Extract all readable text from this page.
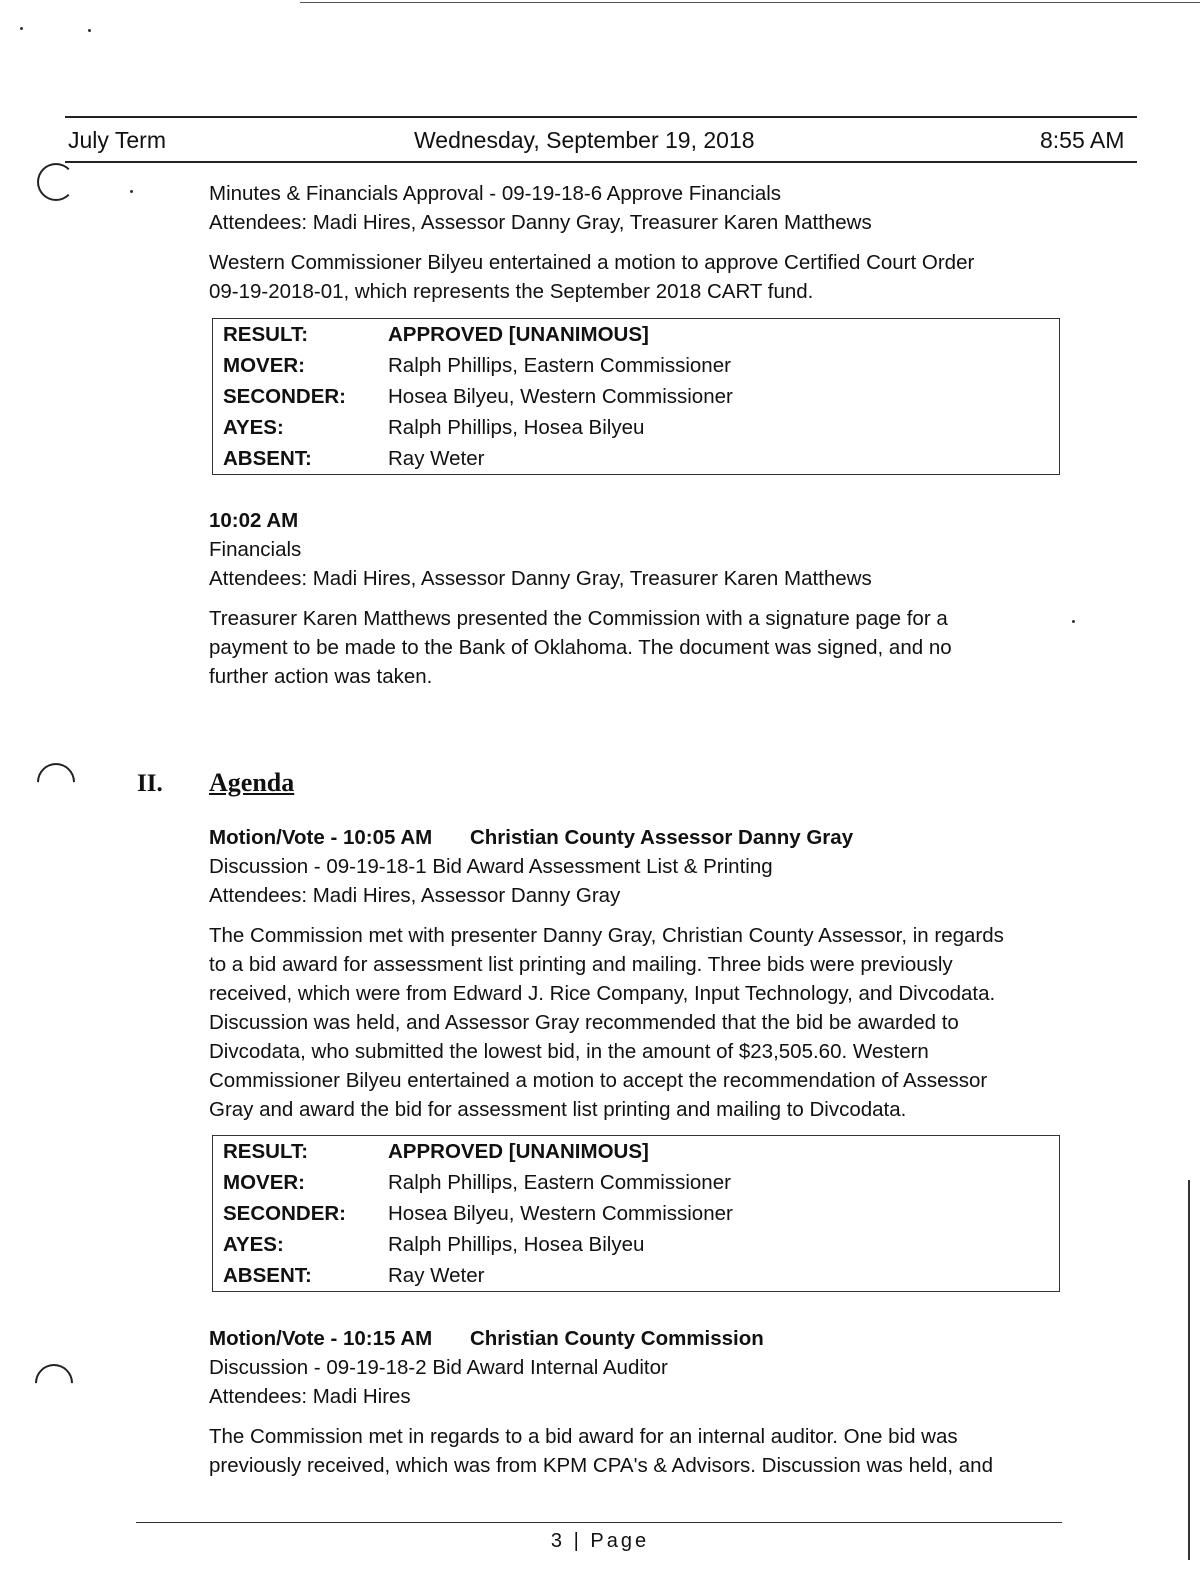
July Term	Wednesday, September 19, 2018	8:55 AM
Minutes & Financials Approval - 09-19-18-6 Approve Financials
Attendees: Madi Hires, Assessor Danny Gray, Treasurer Karen Matthews
Western Commissioner Bilyeu entertained a motion to approve Certified Court Order
09-19-2018-01, which represents the September 2018 CART fund.
RESULT:	APPROVED [UNANIMOUS]
MOVER:	Ralph Phillips, Eastern Commissioner
SECONDER: Hosea Bilyeu, Western Commissioner
AYES:	Ralph Phillips, Hosea Bilyeu
ABSENT:	Ray Weter
10:02 AM
Financials
Attendees: Madi Hires, Assessor Danny Gray, Treasurer Karen Matthews
Treasurer Karen Matthews presented the Commission with a signature page for a
payment to be made to the Bank of Oklahoma. The document was signed, and no
further action was taken.
II. Agenda
Motion/Vote - 10:05 AM Christian County Assessor Danny Gray
Discussion - 09-19-18-1 Bid Award Assessment List & Printing
Attendees: Madi Hires, Assessor Danny Gray
The Commission met with presenter Danny Gray, Christian County Assessor, in regards
to a bid award for assessment list printing and mailing. Three bids were previously
received, which were from Edward J. Rice Company, Input Technology, and Divcodata.
Discussion was held, and Assessor Gray recommended that the bid be awarded to
Divcodata, who submitted the lowest bid, in the amount of $23,505.60. Western
Commissioner Bilyeu entertained a motion to accept the recommendation of Assessor
Gray and award the bid for assessment list printing and mailing to Divcodata.
RESULT:	APPROVED [UNANIMOUS]
MOVER:	Ralph Phillips, Eastern Commissioner
SECONDER: Hosea Bilyeu, Western Commissioner
AYES:	Ralph Phillips, Hosea Bilyeu
ABSENT:	Ray Weter
Motion/Vote - 10:15 AM Christian County Commission
Discussion - 09-19-18-2 Bid Award Internal Auditor
Attendees: Madi Hires
The Commission met in regards to a bid award for an internal auditor. One bid was
previously received, which was from KPM CPA's & Advisors. Discussion was held, and
3 | Page
